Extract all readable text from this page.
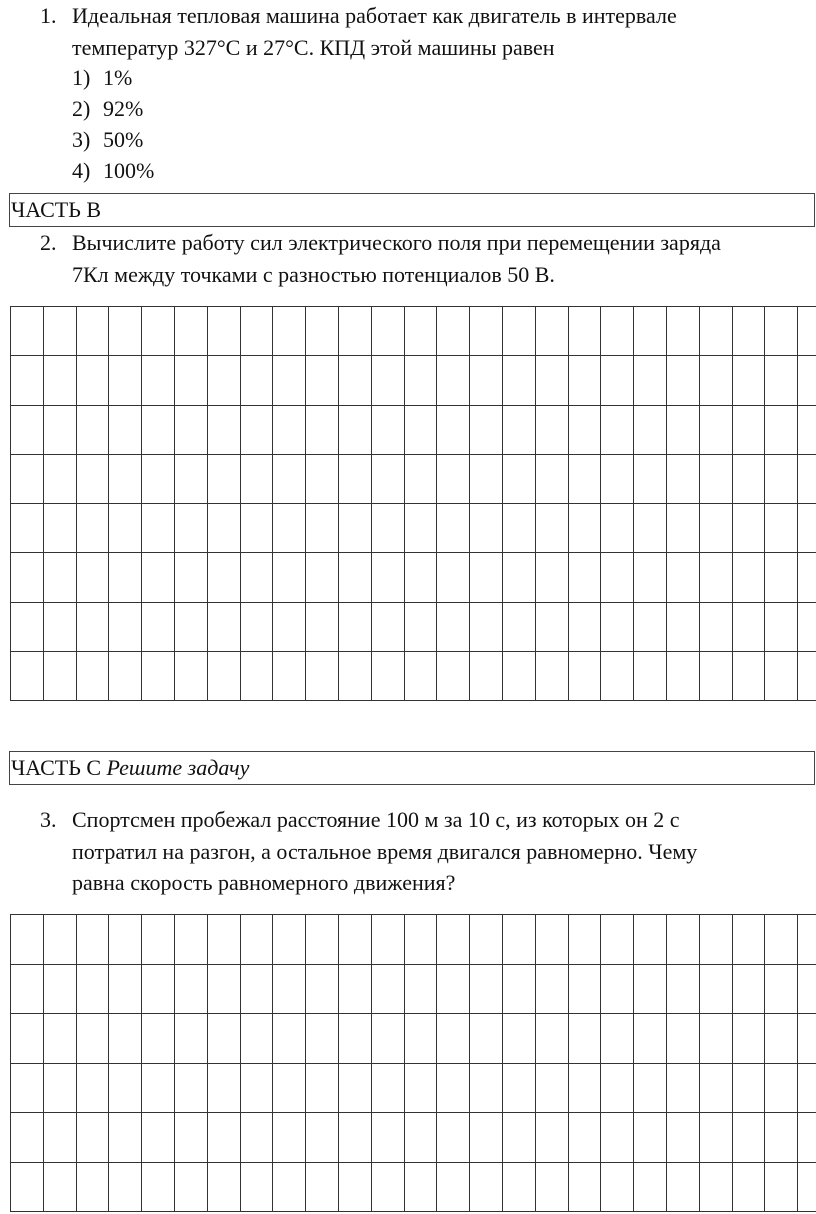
1. Идеальная тепловая машина работает как двигатель в интервале
температур 327°С и 27°С. КПД этой машины равен
1) 1%
2) 92%
3) 50%
4) 100%
ЧАСТЬ В
2. Вычислите работу сил электрического поля при перемещении заряда
7Кл между точками с разностью потенциалов 50 В.

ЧАСТЬ С Решите задачу
3. Спортсмен пробежал расстояние 100 м за 10 с, из которых он 2 с
потратил на разгон, а остальное время двигался равномерно. Чему
равна скорость равномерного движения?
